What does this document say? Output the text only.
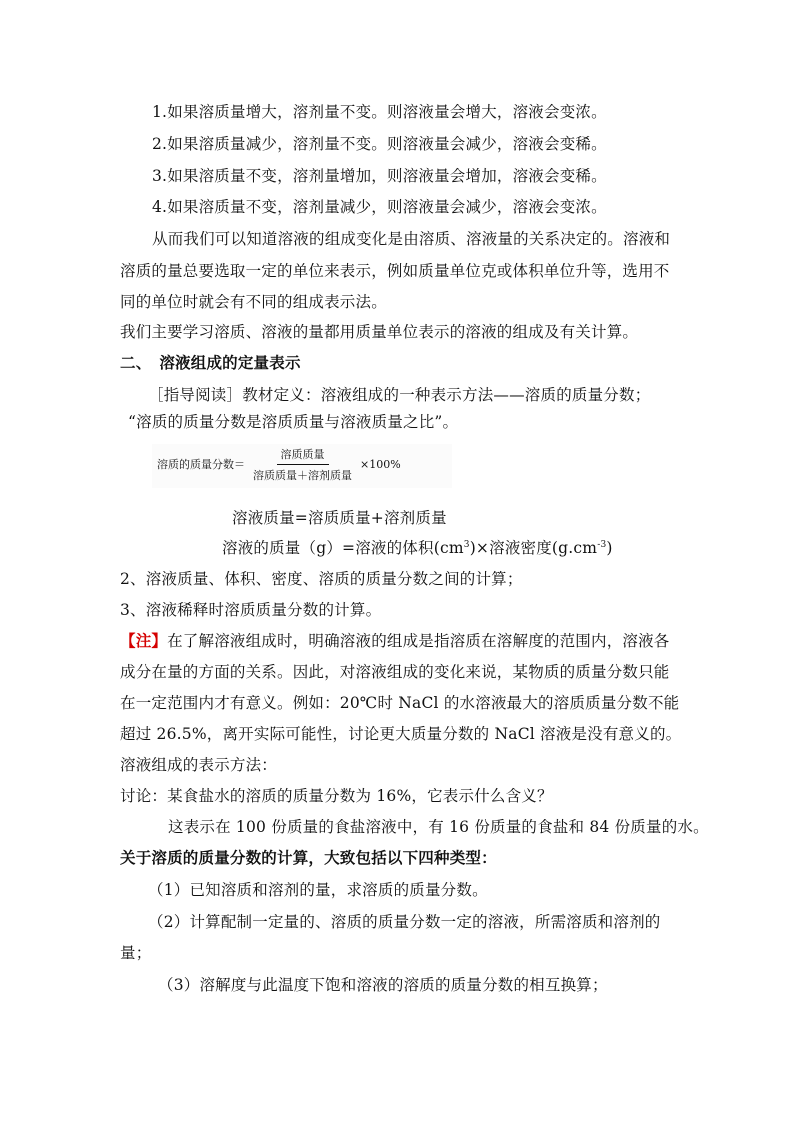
1.如果溶质量增大，溶剂量不变。则溶液量会增大，溶液会变浓。
2.如果溶质量减少，溶剂量不变。则溶液量会减少，溶液会变稀。
3.如果溶质量不变，溶剂量增加，则溶液量会增加，溶液会变稀。
4.如果溶质量不变，溶剂量减少，则溶液量会减少，溶液会变浓。
从而我们可以知道溶液的组成变化是由溶质、溶液量的关系决定的。溶液和
溶质的量总要选取一定的单位来表示，例如质量单位克或体积单位升等，选用不
同的单位时就会有不同的组成表示法。
我们主要学习溶质、溶液的量都用质量单位表示的溶液的组成及有关计算。
二、　溶液组成的定量表示
［指导阅读］教材定义：溶液组成的一种表示方法——溶质的质量分数；
“溶质的质量分数是溶质质量与溶液质量之比”。
溶质的质量分数＝ $\frac{\text{溶质质量}}{\text{溶质质量＋溶剂质量}} \times 100\%$
溶液质量=溶质质量+溶剂质量
溶液的质量（g）=溶液的体积$(cm^3)\times$溶液密度$(g.cm^{-3})$
2、溶液质量、体积、密度、溶质的质量分数之间的计算；
3、溶液稀释时溶质质量分数的计算。
【注】在了解溶液组成时，明确溶液的组成是指溶质在溶解度的范围内，溶液各
成分在量的方面的关系。因此，对溶液组成的变化来说，某物质的质量分数只能
在一定范围内才有意义。例如：20℃时 NaCl 的水溶液最大的溶质质量分数不能
超过 26.5%，离开实际可能性，讨论更大质量分数的 NaCl 溶液是没有意义的。
溶液组成的表示方法：
讨论：某食盐水的溶质的质量分数为 16%，它表示什么含义？
这表示在 100 份质量的食盐溶液中，有 16 份质量的食盐和 84 份质量的水。
关于溶质的质量分数的计算，大致包括以下四种类型：
（1）已知溶质和溶剂的量，求溶质的质量分数。
（2）计算配制一定量的、溶质的质量分数一定的溶液，所需溶质和溶剂的
量；
（3）溶解度与此温度下饱和溶液的溶质的质量分数的相互换算；
